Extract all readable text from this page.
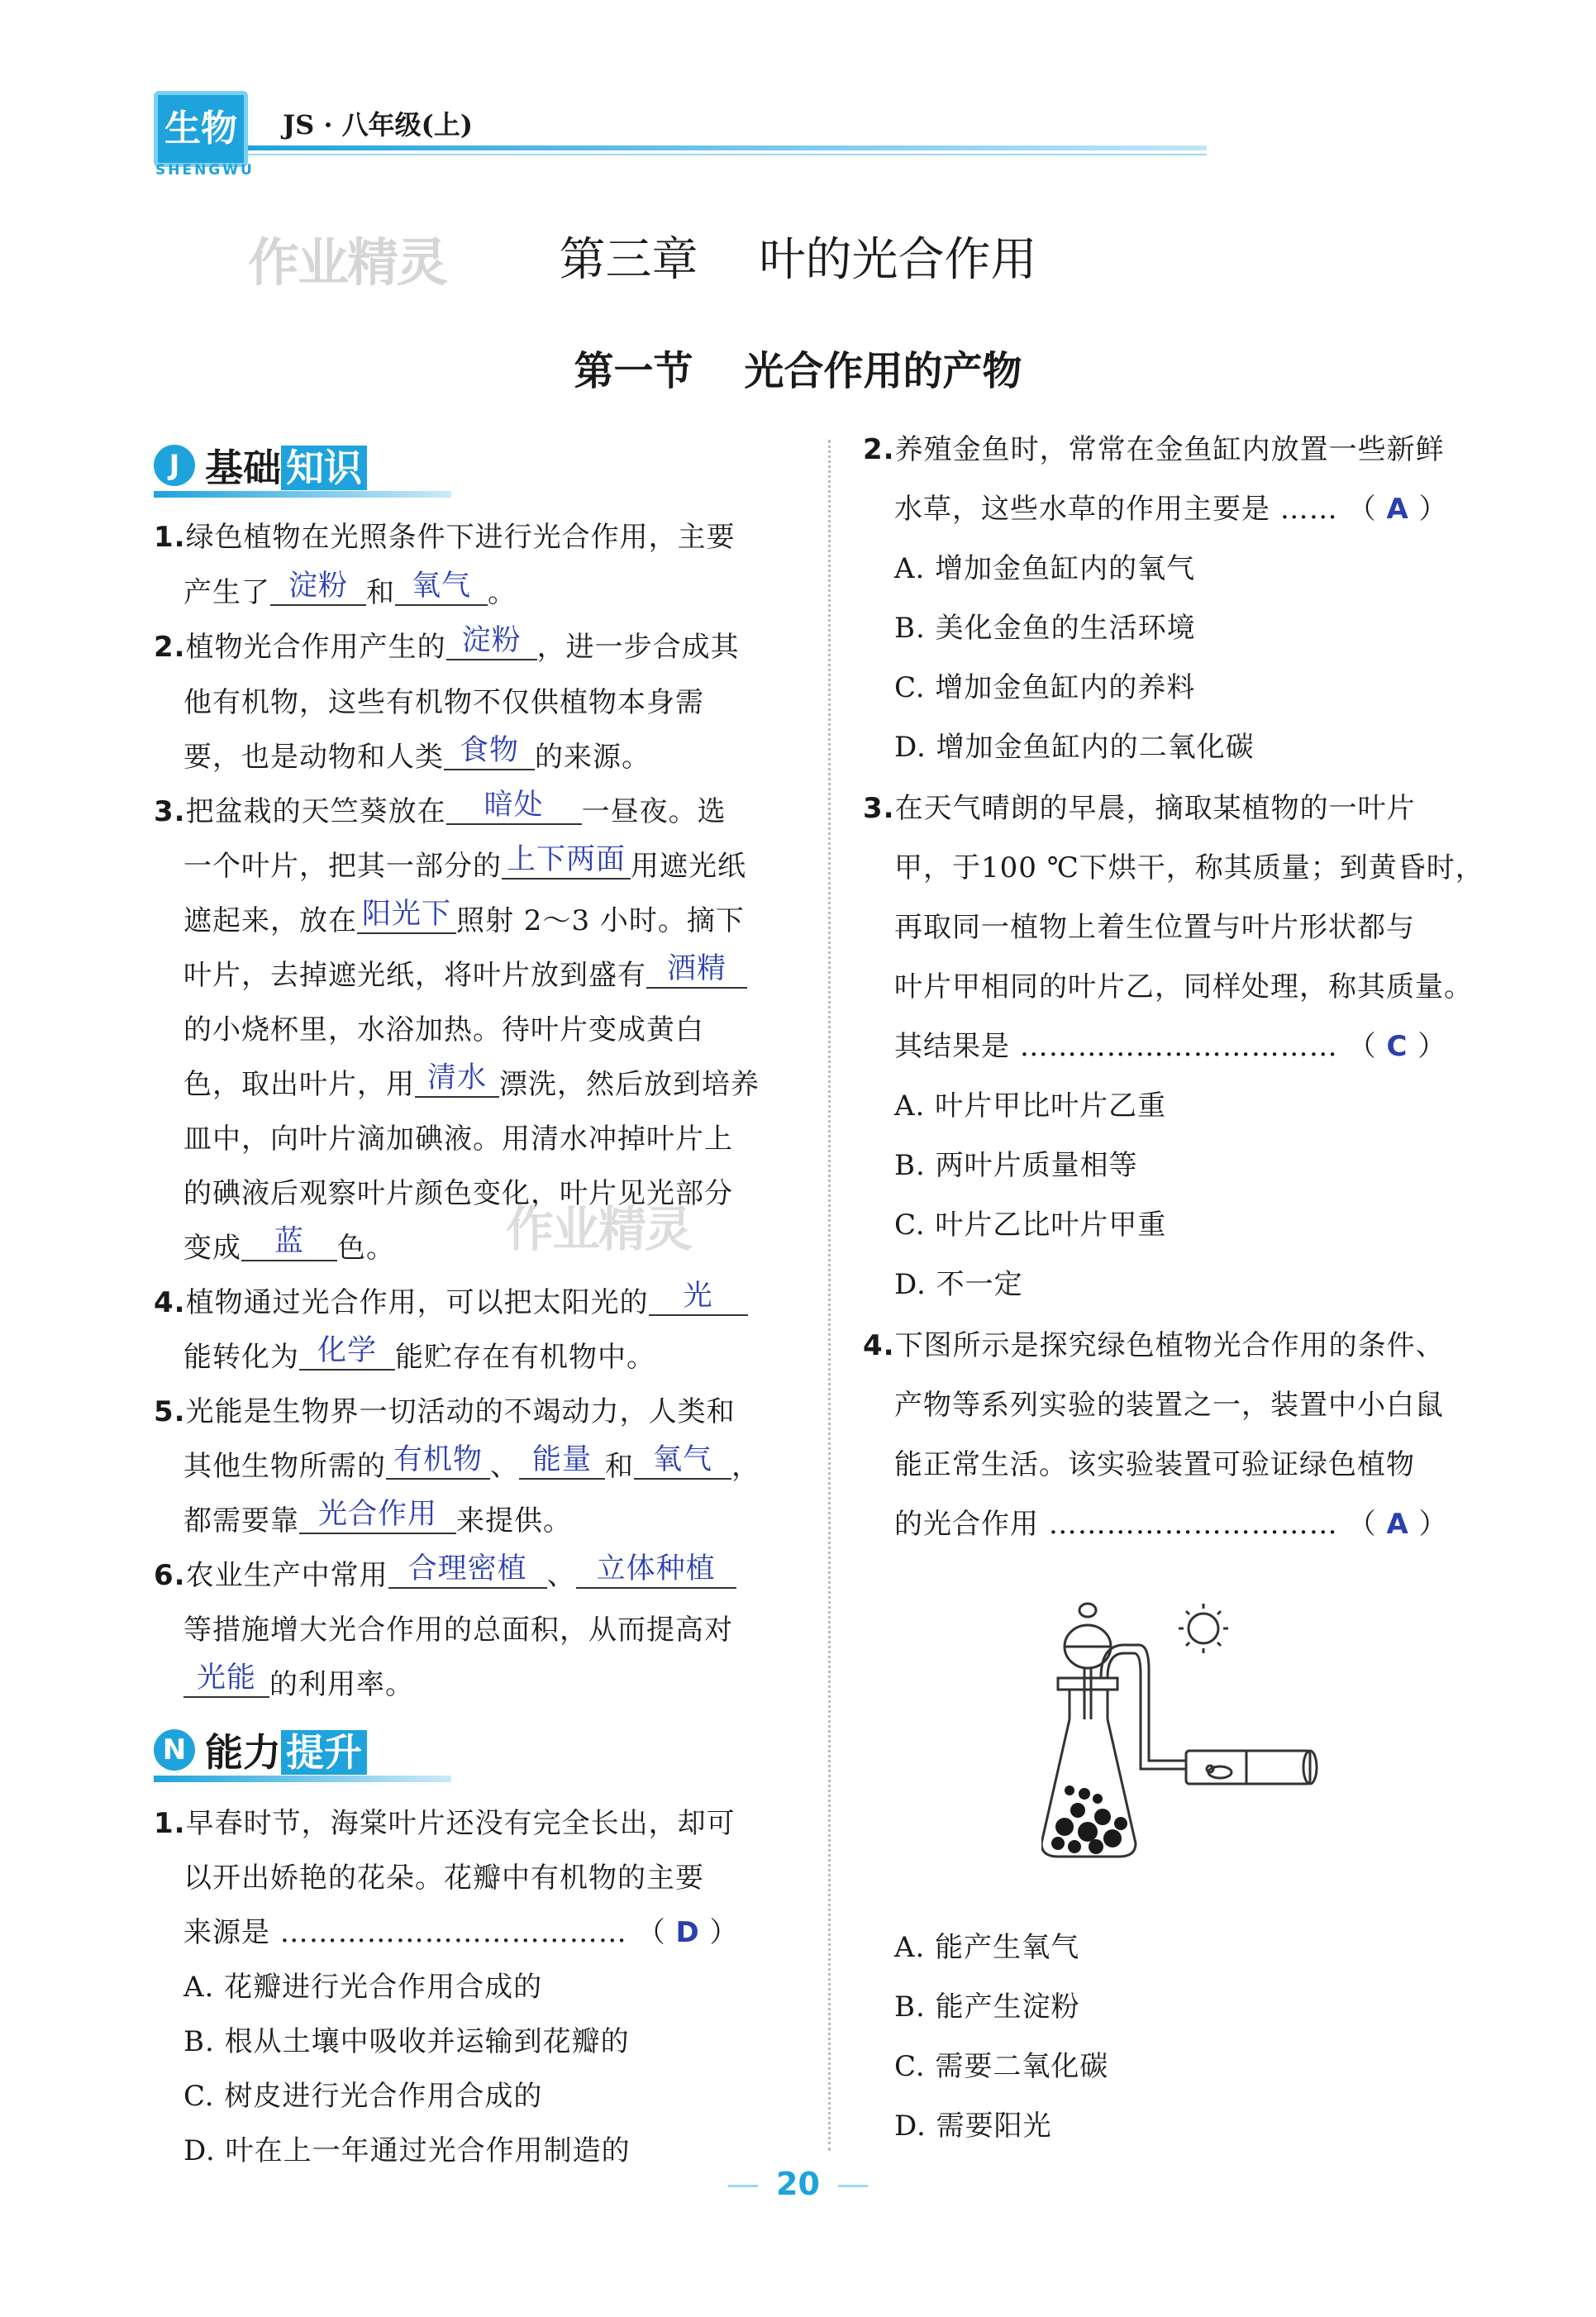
生物
SHENGWU
JS · 八年级(上)
作业精灵	第三章 叶的光合作用
第一节 光合作用的产物
J 基础 知识
1.绿色植物在光照条件下进行光合作用，主要
产生了 淀粉 和 氧气 。
2.植物光合作用产生的 淀粉 ，进一步合成其
他有机物，这些有机物不仅供植物本身需
要，也是动物和人类 食物 的来源。
3.把盆栽的天竺葵放在 暗处 一昼夜。选
一个叶片，把其一部分的 上下两面 用遮光纸
遮起来，放在 阳光下 照射 2～3 小时。摘下
叶片，去掉遮光纸，将叶片放到盛有 酒精
的小烧杯里，水浴加热。待叶片变成黄白
色，取出叶片，用 清水 漂洗，然后放到培养
皿中，向叶片滴加碘液。用清水冲掉叶片上
的碘液后观察叶片颜色变化，叶片见光部分
变成 蓝 色。 作业精灵
4.植物通过光合作用，可以把太阳光的 光
能转化为 化学 能贮存在有机物中。
5.光能是生物界一切活动的不竭动力，人类和
其他生物所需的 有机物 、 能量 和 氧气 ，
都需要靠 光合作用 来提供。
6.农业生产中常用 合理密植 、 立体种植
等措施增大光合作用的总面积，从而提高对
光能 的利用率。
N 能力 提升
1.早春时节，海棠叶片还没有完全长出，却可
以开出娇艳的花朵。花瓣中有机物的主要
来源是 ……………………………… （ D ）
A. 花瓣进行光合作用合成的
B. 根从土壤中吸收并运输到花瓣的
C. 树皮进行光合作用合成的
D. 叶在上一年通过光合作用制造的
2.养殖金鱼时，常常在金鱼缸内放置一些新鲜
水草，这些水草的作用主要是 …… （ A ）
A. 增加金鱼缸内的氧气
B. 美化金鱼的生活环境
C. 增加金鱼缸内的养料
D. 增加金鱼缸内的二氧化碳
3.在天气晴朗的早晨，摘取某植物的一叶片
甲，于100 ℃下烘干，称其质量；到黄昏时，
再取同一植物上着生位置与叶片形状都与
叶片甲相同的叶片乙，同样处理，称其质量。
其结果是 …………………………… （ C ）
A. 叶片甲比叶片乙重
B. 两叶片质量相等
C. 叶片乙比叶片甲重
D. 不一定
4.下图所示是探究绿色植物光合作用的条件、
产物等系列实验的装置之一，装置中小白鼠
能正常生活。该实验装置可验证绿色植物
的光合作用 ………………………… （ A ）
A. 能产生氧气
B. 能产生淀粉
C. 需要二氧化碳
D. 需要阳光
20
